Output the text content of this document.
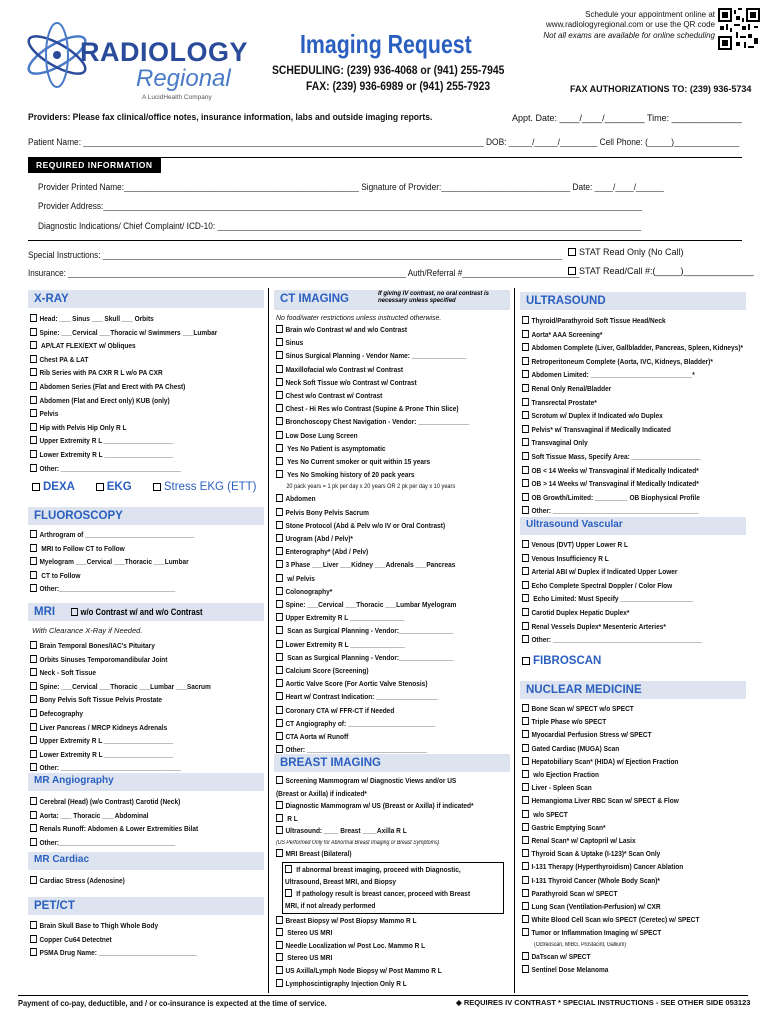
RADIOLOGY
Regional
A LucidHealth Company
Imaging Request
Schedule your appointment online at
www.radiologyregional.com or use the QR code
Not all exams are available for online scheduling
SCHEDULING: (239) 936-4068 or (941) 255-7945
FAX: (239) 936-6989 or (941) 255-7923	FAX AUTHORIZATIONS TO: (239) 936-5734
Providers: Please fax clinical/office notes, insurance information, labs and outside imaging reports.	Appt. Date: ____/____/________ Time: ______________
Patient Name: ______________________________________________________________________________________ DOB: _____/_____/________ Cell Phone: (_____)______________
REQUIRED INFORMATION
Provider Printed Name:___________________________________________________ Signature of Provider:____________________________ Date: ____/____/______
Provider Address:_____________________________________________________________________________________________________________________
Diagnostic Indications/ Chief Complaint/ ICD-10: ____________________________________________________________________________________________
Special Instructions: ______________________________________________________________________________________________________
Insurance: ___________________________________________________________________________ Auth/Referral #__________________________
STAT Read Only (No Call)
STAT Read/Call #:(_____)______________
X-RAY
Head: ___ Sinus ___ Skull ___ Orbits
Spine: ___Cervical ___Thoracic w/ Swimmers ___Lumbar
AP/LAT FLEX/EXT w/ Obliques
Chest PA & LAT
Rib Series with PA CXR R L w/o PA CXR
Abdomen Series (Flat and Erect with PA Chest)
Abdomen (Flat and Erect only) KUB (only)
Pelvis
Hip with Pelvis Hip Only R L
Upper Extremity R L ___________________
Lower Extremity R L ___________________
Other: _________________________________
DEXA	EKG	Stress EKG (ETT)
FLUOROSCOPY
Arthrogram of ______________________________
MRI to Follow CT to Follow
Myelogram ___Cervical ___Thoracic ___Lumbar
CT to Follow
Other:________________________________
MRI	w/o Contrast w/ and w/o Contrast
With Clearance X-Ray if Needed.
Brain Temporal Bones/IAC's Pituitary
Orbits Sinuses Temporomandibular Joint
Neck - Soft Tissue
Spine: ___Cervical ___Thoracic ___Lumbar ___Sacrum
Bony Pelvis Soft Tissue Pelvis Prostate
Defecography
Liver Pancreas / MRCP Kidneys Adrenals
Upper Extremity R L ___________________
Lower Extremity R L ___________________
Other: _________________________________
MR Angiography
Cerebral (Head) (w/o Contrast) Carotid (Neck)
Aorta: ___ Thoracic ___ Abdominal
Renals Runoff: Abdomen & Lower Extremities Bilat
Other:________________________________
MR Cardiac
Cardiac Stress (Adenosine)
PET/CT
Brain Skull Base to Thigh Whole Body
Copper Cu64 Detectnet
PSMA Drug Name: ___________________________
CT IMAGING	If giving IV contrast, no oral contrast is necessary unless specified
No food/water restrictions unless instructed otherwise.
Brain w/o Contrast w/ and w/o Contrast
Sinus
Sinus Surgical Planning - Vendor Name: _______________
Maxillofacial w/o Contrast w/ Contrast
Neck Soft Tissue w/o Contrast w/ Contrast
Chest w/o Contrast w/ Contrast
Chest - Hi Res w/o Contrast (Supine & Prone Thin Slice)
Bronchoscopy Chest Navigation - Vendor: ______________
Low Dose Lung Screen
Yes No Patient is asymptomatic
Yes No Current smoker or quit within 15 years
Yes No Smoking history of 20 pack years
20 pack years = 1 pk per day x 20 years OR 2 pk per day x 10 years
Abdomen
Pelvis Bony Pelvis Sacrum
Stone Protocol (Abd & Pelv w/o IV or Oral Contrast)
Urogram (Abd / Pelv)*
Enterography* (Abd / Pelv)
3 Phase ___Liver ___Kidney ___Adrenals ___Pancreas
w/ Pelvis
Colonography*
Spine: ___Cervical ___Thoracic ___Lumbar Myelogram
Upper Extremity R L _______________
Scan as Surgical Planning - Vendor:_______________
Lower Extremity R L _______________
Scan as Surgical Planning - Vendor:_______________
Calcium Score (Screening)
Aortic Valve Score (For Aortic Valve Stenosis)
Heart w/ Contrast Indication: _________________
Coronary CTA w/ FFR-CT if Needed
CT Angiography of: ________________________
CTA Aorta w/ Runoff
Other: _________________________________
BREAST IMAGING
Screening Mammogram w/ Diagnostic Views and/or US
(Breast or Axilla) if indicated*
Diagnostic Mammogram w/ US (Breast or Axilla) if indicated*
R L
Ultrasound: ____ Breast ____Axilla R L
(US Performed Only for Abnormal Breast Imaging or Breast Symptoms)
MRI Breast (Bilateral)
If abnormal breast imaging, proceed with Diagnostic,
Ultrasound, Breast MRI, and Biopsy
If pathology result is breast cancer, proceed with Breast
MRI, if not already performed
Breast Biopsy w/ Post Biopsy Mammo R L
Stereo US MRI
Needle Localization w/ Post Loc. Mammo R L
Stereo US MRI
US Axilla/Lymph Node Biopsy w/ Post Mammo R L
Lymphoscintigraphy Injection Only R L
ULTRASOUND
Thyroid/Parathyroid Soft Tissue Head/Neck
Aorta* AAA Screening*
Abdomen Complete (Liver, Gallbladder, Pancreas, Spleen, Kidneys)*
Retroperitoneum Complete (Aorta, IVC, Kidneys, Bladder)*
Abdomen Limited: ____________________________*
Renal Only Renal/Bladder
Transrectal Prostate*
Scrotum w/ Duplex if Indicated w/o Duplex
Pelvis* w/ Transvaginal if Medically Indicated
Transvaginal Only
Soft Tissue Mass, Specify Area: ___________________
OB < 14 Weeks w/ Transvaginal if Medically Indicated*
OB > 14 Weeks w/ Transvaginal if Medically Indicated*
OB Growth/Limited: _________ OB Biophysical Profile
Other: ________________________________________
Ultrasound Vascular
Venous (DVT) Upper Lower R L
Venous Insufficiency R L
Arterial ABI w/ Duplex if Indicated Upper Lower
Echo Complete Spectral Doppler / Color Flow
Echo Limited: Must Specify ____________________
Carotid Duplex Hepatic Duplex*
Renal Vessels Duplex* Mesenteric Arteries*
Other: _________________________________________
FIBROSCAN
NUCLEAR MEDICINE
Bone Scan w/ SPECT w/o SPECT
Triple Phase w/o SPECT
Myocardial Perfusion Stress w/ SPECT
Gated Cardiac (MUGA) Scan
Hepatobiliary Scan* (HIDA) w/ Ejection Fraction
w/o Ejection Fraction
Liver - Spleen Scan
Hemangioma Liver RBC Scan w/ SPECT & Flow
w/o SPECT
Gastric Emptying Scan*
Renal Scan* w/ Captopril w/ Lasix
Thyroid Scan & Uptake (I-123)* Scan Only
I-131 Therapy (Hyperthyroidism) Cancer Ablation
I-131 Thyroid Cancer (Whole Body Scan)*
Parathyroid Scan w/ SPECT
Lung Scan (Ventilation-Perfusion) w/ CXR
White Blood Cell Scan w/o SPECT (Ceretec) w/ SPECT
Tumor or Inflammation Imaging w/ SPECT
(Octreoscan, MIBG, Prostacint, Gallium)
DaTscan w/ SPECT
Sentinel Dose Melanoma
Payment of co-pay, deductible, and / or co-insurance is expected at the time of service.	◆ REQUIRES IV CONTRAST * SPECIAL INSTRUCTIONS - SEE OTHER SIDE 053123
